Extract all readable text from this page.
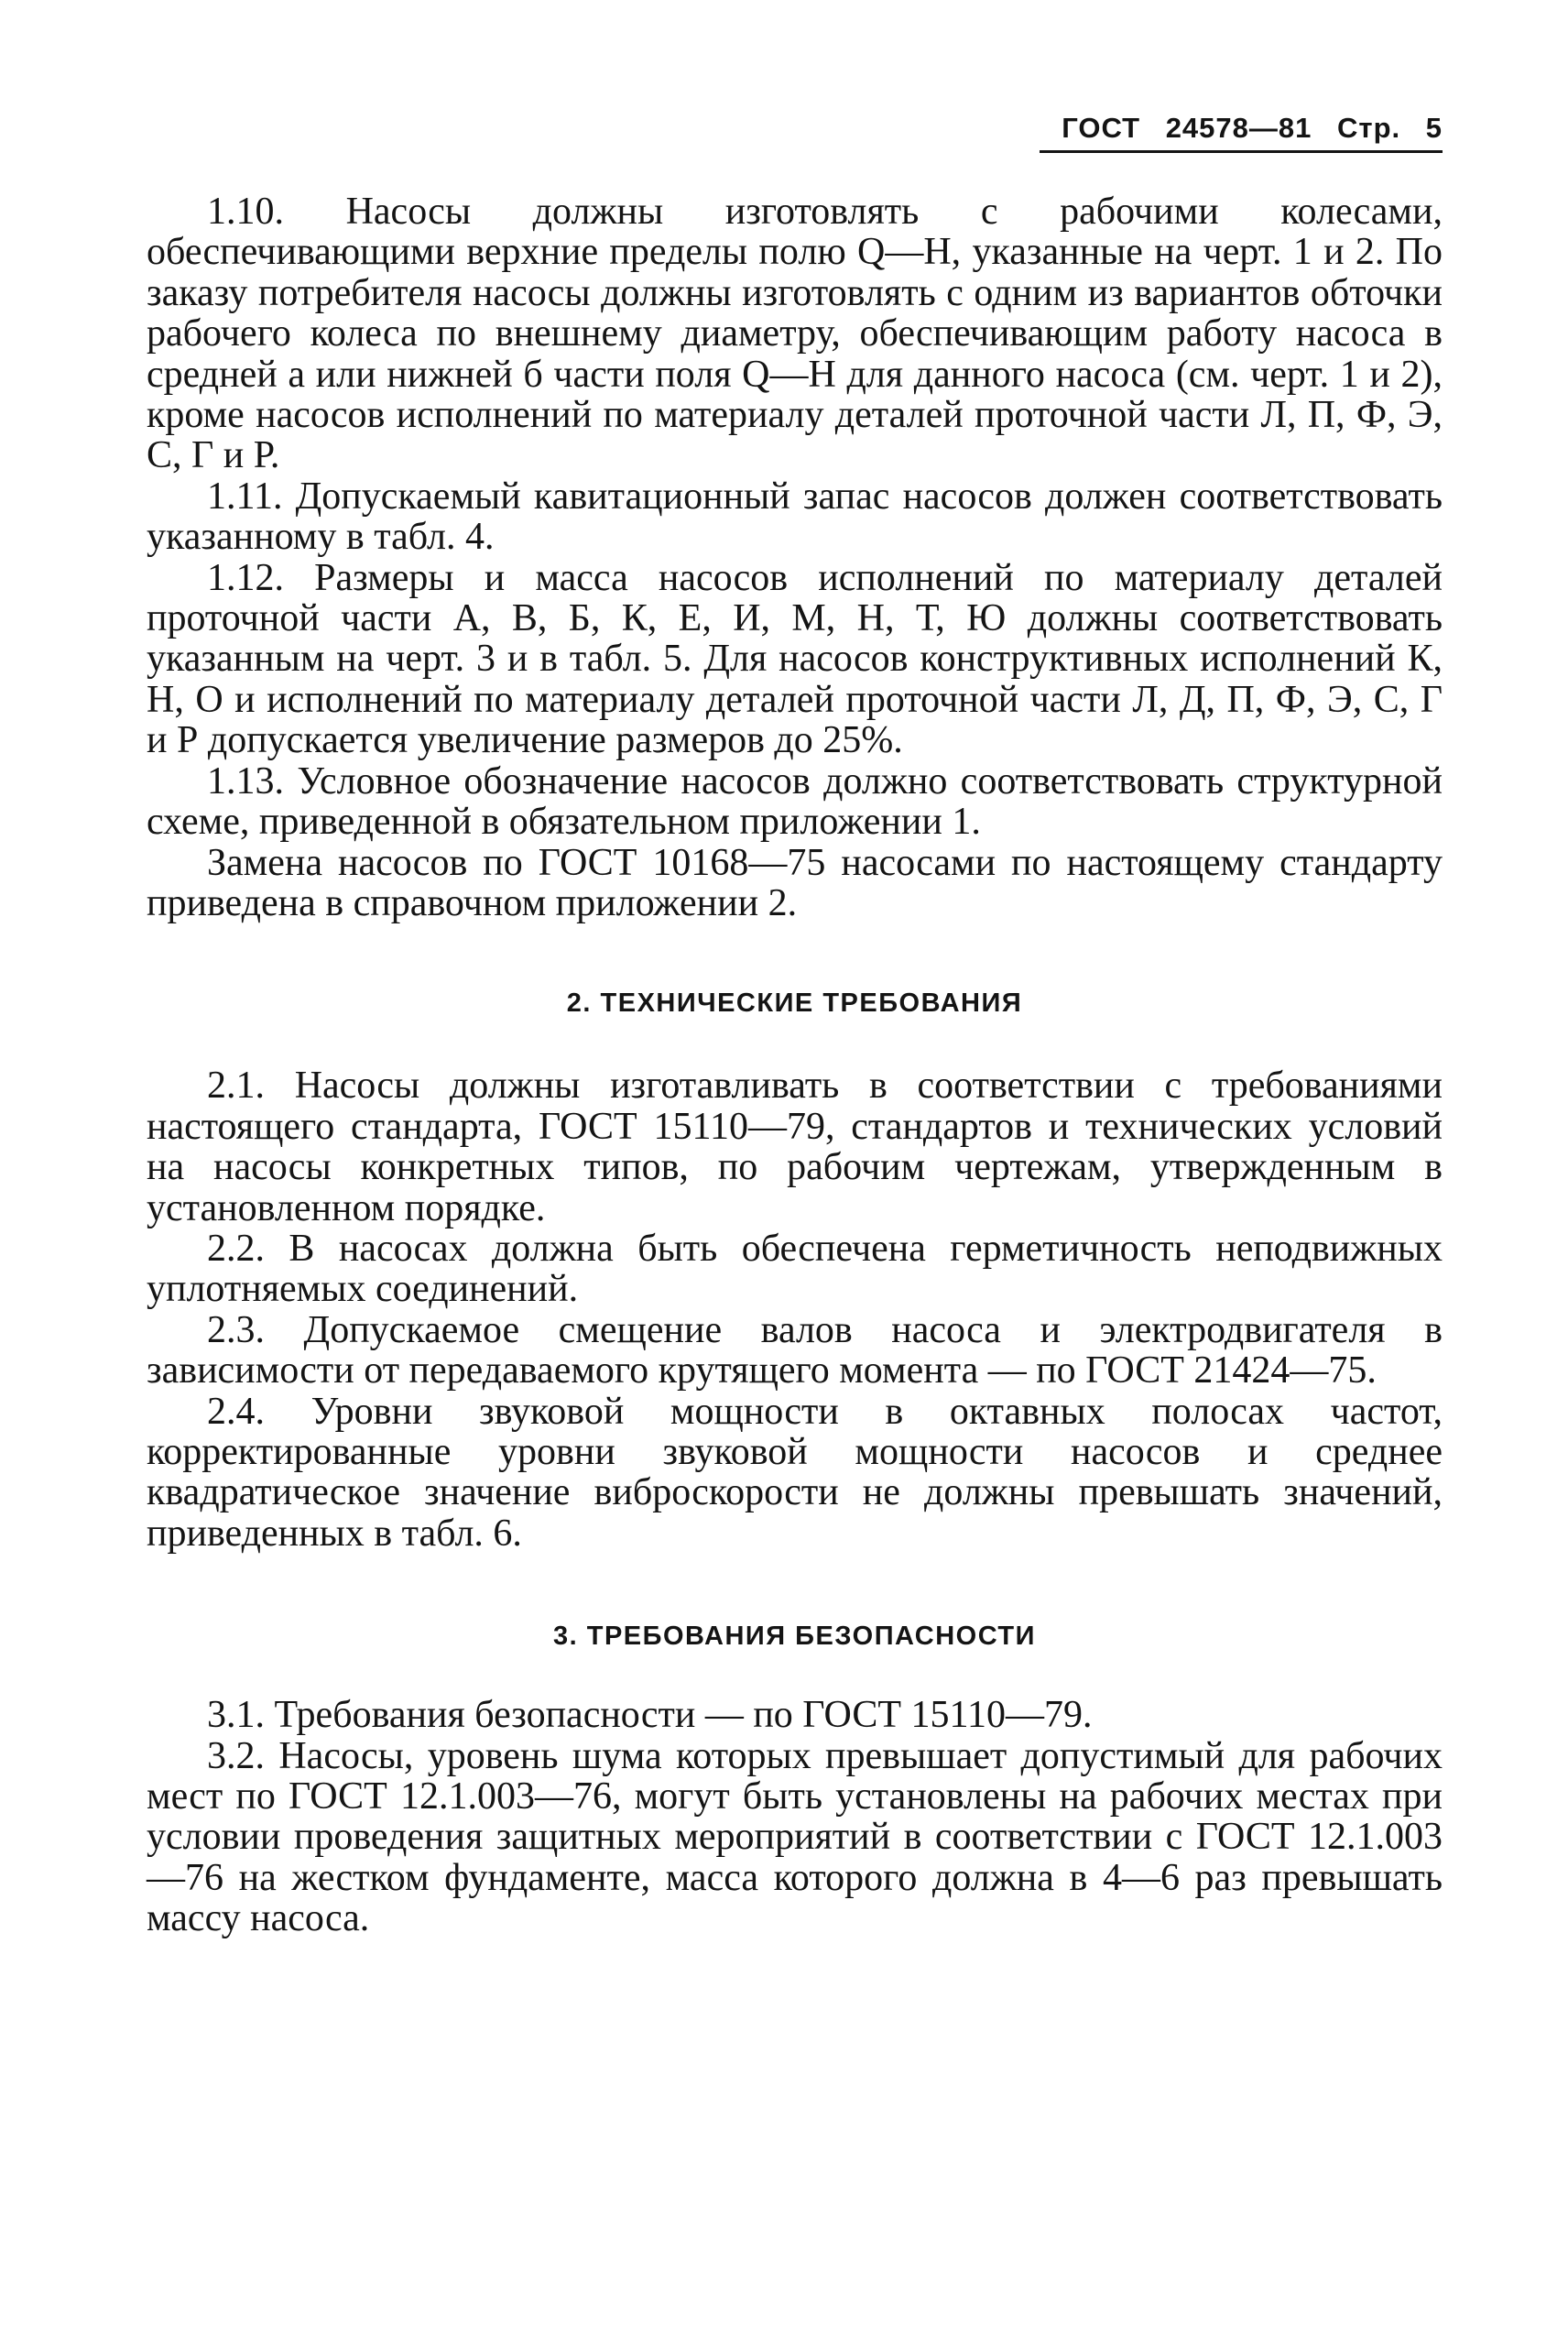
ГОСТ 24578—81 Стр. 5

1.10. Насосы должны изготовлять с рабочими колесами, обеспечивающими верхние пределы полю Q—H, указанные на черт. 1 и 2. По заказу потребителя насосы должны изготовлять с одним из вариантов обточки рабочего колеса по внешнему диаметру, обеспечивающим работу насоса в средней а или нижней б части поля Q—H для данного насоса (см. черт. 1 и 2), кроме насосов исполнений по материалу деталей проточной части Л, П, Ф, Э, С, Г и Р.

1.11. Допускаемый кавитационный запас насосов должен соответствовать указанному в табл. 4.

1.12. Размеры и масса насосов исполнений по материалу деталей проточной части А, В, Б, К, Е, И, М, Н, Т, Ю должны соответствовать указанным на черт. 3 и в табл. 5. Для насосов конструктивных исполнений К, Н, О и исполнений по материалу деталей проточной части Л, Д, П, Ф, Э, С, Г и Р допускается увеличение размеров до 25%.

1.13. Условное обозначение насосов должно соответствовать структурной схеме, приведенной в обязательном приложении 1.

Замена насосов по ГОСТ 10168—75 насосами по настоящему стандарту приведена в справочном приложении 2.

2. ТЕХНИЧЕСКИЕ ТРЕБОВАНИЯ

2.1. Насосы должны изготавливать в соответствии с требованиями настоящего стандарта, ГОСТ 15110—79, стандартов и технических условий на насосы конкретных типов, по рабочим чертежам, утвержденным в установленном порядке.

2.2. В насосах должна быть обеспечена герметичность неподвижных уплотняемых соединений.

2.3. Допускаемое смещение валов насоса и электродвигателя в зависимости от передаваемого крутящего момента — по ГОСТ 21424—75.

2.4. Уровни звуковой мощности в октавных полосах частот, корректированные уровни звуковой мощности насосов и среднее квадратическое значение виброскорости не должны превышать значений, приведенных в табл. 6.

3. ТРЕБОВАНИЯ БЕЗОПАСНОСТИ

3.1. Требования безопасности — по ГОСТ 15110—79.

3.2. Насосы, уровень шума которых превышает допустимый для рабочих мест по ГОСТ 12.1.003—76, могут быть установлены на рабочих местах при условии проведения защитных мероприятий в соответствии с ГОСТ 12.1.003—76 на жестком фундаменте, масса которого должна в 4—6 раз превышать массу насоса.
